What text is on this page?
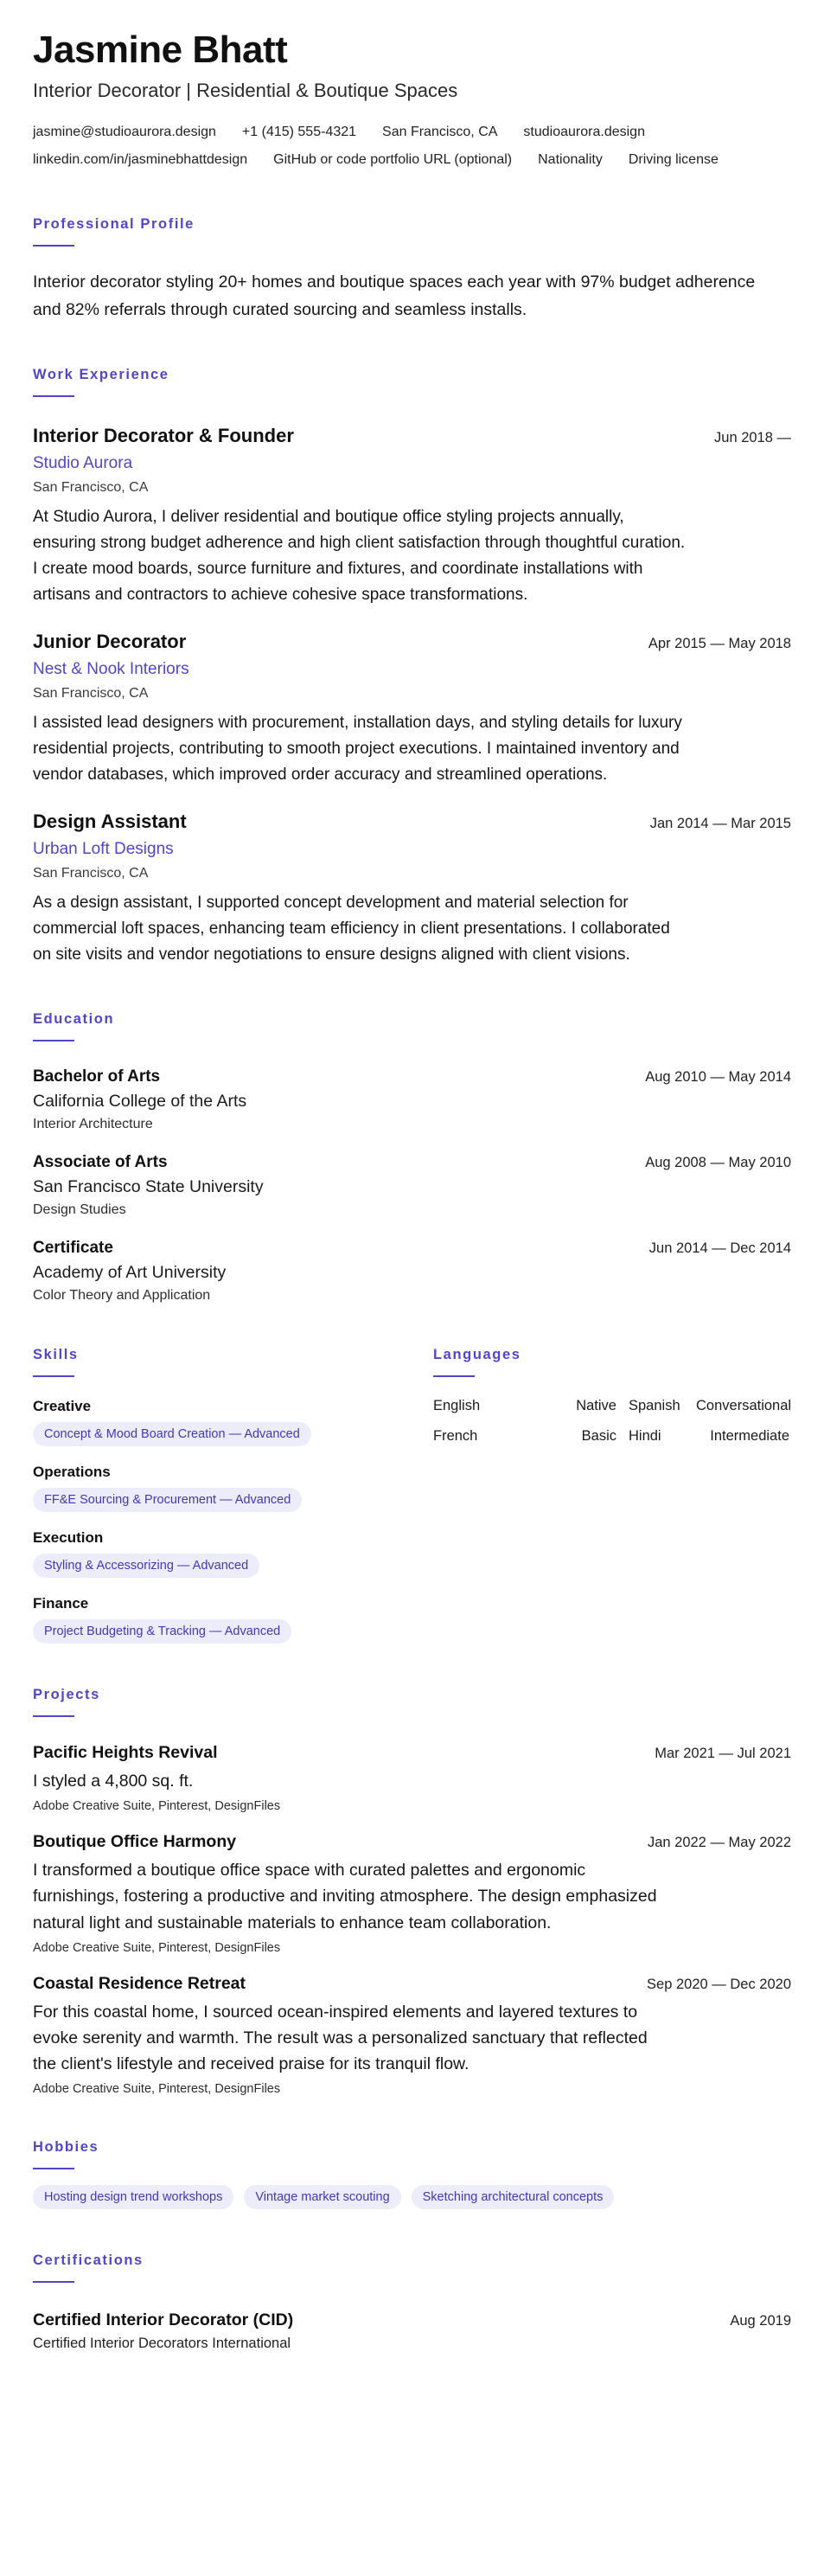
Jasmine Bhatt
Interior Decorator | Residential & Boutique Spaces
jasmine@studioaurora.design +1 (415) 555-4321 San Francisco, CA studioaurora.design
linkedin.com/in/jasminebhattdesign GitHub or code portfolio URL (optional) Nationality Driving license
Professional Profile
Interior decorator styling 20+ homes and boutique spaces each year with 97% budget adherence and 82% referrals through curated sourcing and seamless installs.
Work Experience
Interior Decorator & Founder	Jun 2018 —
Studio Aurora
San Francisco, CA
At Studio Aurora, I deliver residential and boutique office styling projects annually, ensuring strong budget adherence and high client satisfaction through thoughtful curation. I create mood boards, source furniture and fixtures, and coordinate installations with artisans and contractors to achieve cohesive space transformations.
Junior Decorator	Apr 2015 — May 2018
Nest & Nook Interiors
San Francisco, CA
I assisted lead designers with procurement, installation days, and styling details for luxury residential projects, contributing to smooth project executions. I maintained inventory and vendor databases, which improved order accuracy and streamlined operations.
Design Assistant	Jan 2014 — Mar 2015
Urban Loft Designs
San Francisco, CA
As a design assistant, I supported concept development and material selection for commercial loft spaces, enhancing team efficiency in client presentations. I collaborated on site visits and vendor negotiations to ensure designs aligned with client visions.
Education
Bachelor of Arts	Aug 2010 — May 2014
California College of the Arts
Interior Architecture
Associate of Arts	Aug 2008 — May 2010
San Francisco State University
Design Studies
Certificate	Jun 2014 — Dec 2014
Academy of Art University
Color Theory and Application
Skills
Creative
Concept & Mood Board Creation — Advanced
Operations
FF&E Sourcing & Procurement — Advanced
Execution
Styling & Accessorizing — Advanced
Finance
Project Budgeting & Tracking — Advanced
Languages
English	Native Spanish	Conversational
French	Basic Hindi	Intermediate
Projects
Pacific Heights Revival	Mar 2021 — Jul 2021
I styled a 4,800 sq. ft.
Adobe Creative Suite, Pinterest, DesignFiles
Boutique Office Harmony	Jan 2022 — May 2022
I transformed a boutique office space with curated palettes and ergonomic furnishings, fostering a productive and inviting atmosphere. The design emphasized natural light and sustainable materials to enhance team collaboration.
Adobe Creative Suite, Pinterest, DesignFiles
Coastal Residence Retreat	Sep 2020 — Dec 2020
For this coastal home, I sourced ocean-inspired elements and layered textures to evoke serenity and warmth. The result was a personalized sanctuary that reflected the client's lifestyle and received praise for its tranquil flow.
Adobe Creative Suite, Pinterest, DesignFiles
Hobbies
Hosting design trend workshops	Vintage market scouting	Sketching architectural concepts
Certifications
Certified Interior Decorator (CID)	Aug 2019
Certified Interior Decorators International
